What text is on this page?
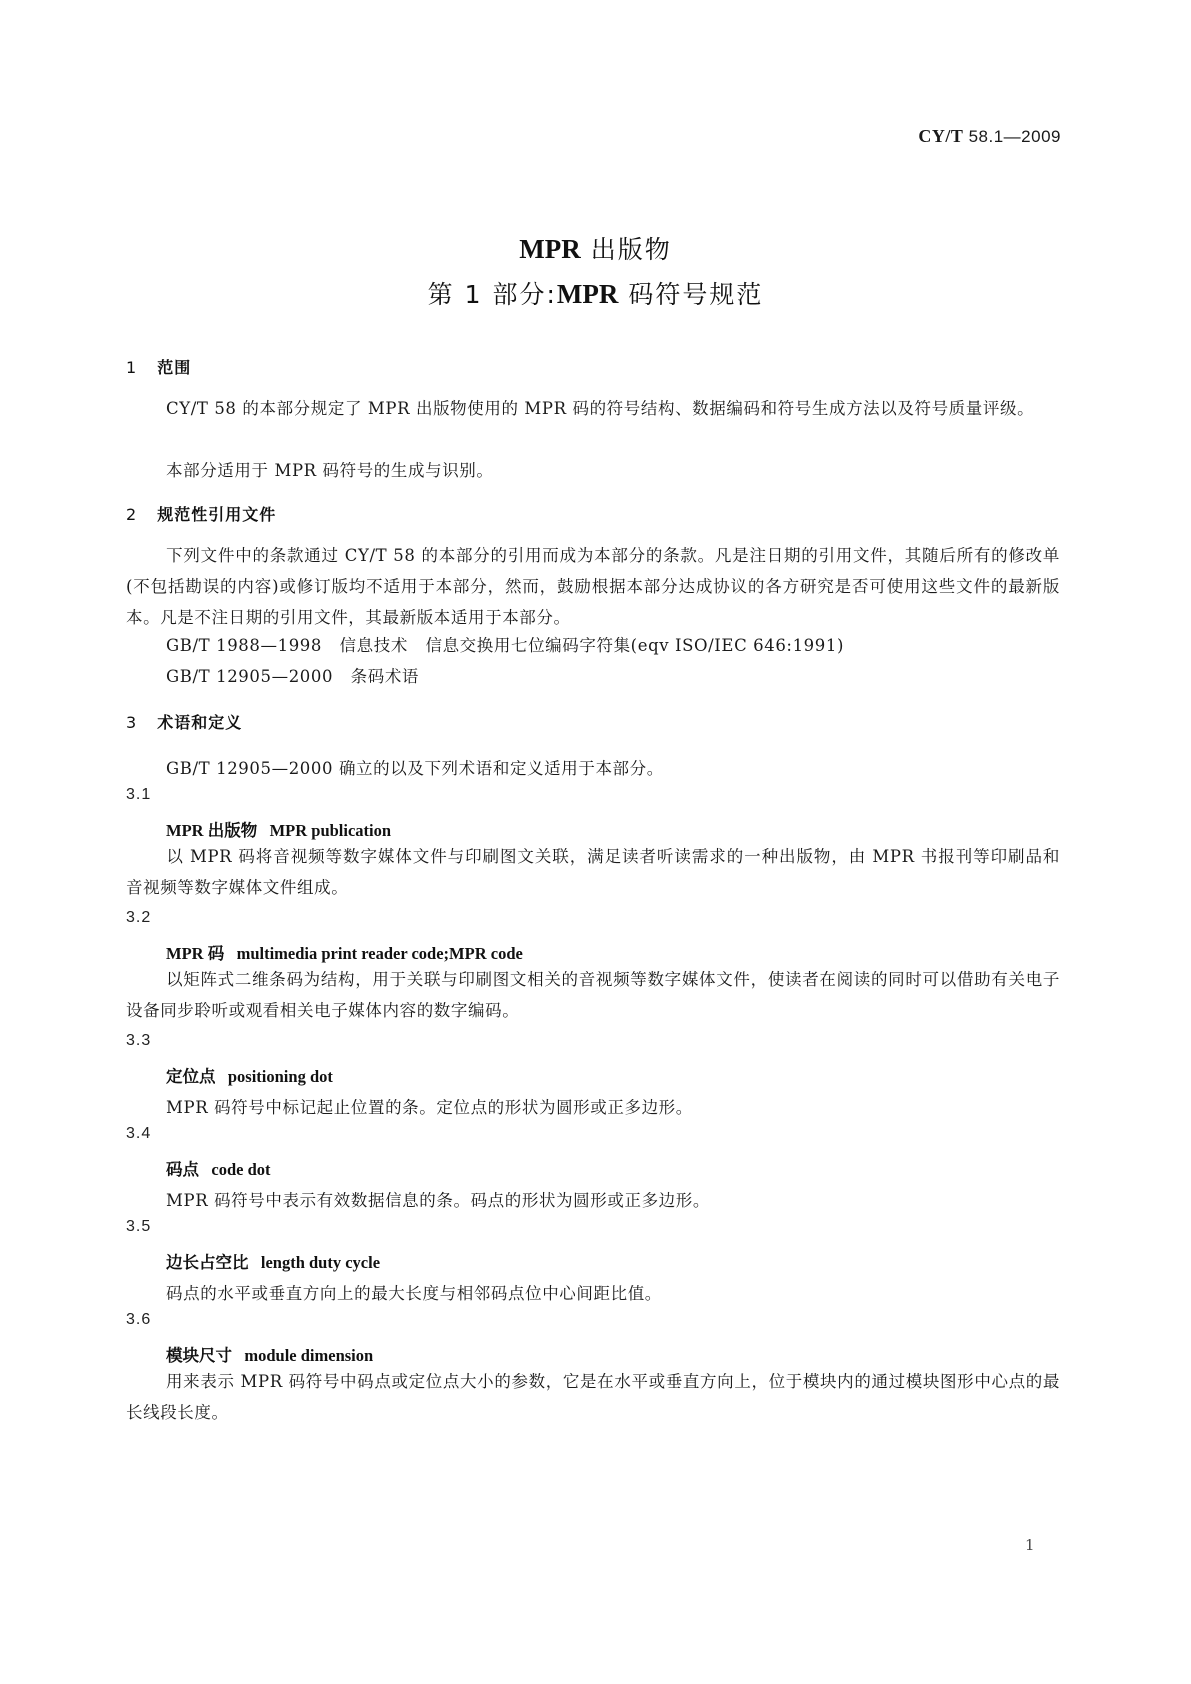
CY/T 58.1—2009
MPR 出版物
第 1 部分:MPR 码符号规范
1 范围
CY/T 58 的本部分规定了 MPR 出版物使用的 MPR 码的符号结构、数据编码和符号生成方法以及符号质量评级。
本部分适用于 MPR 码符号的生成与识别。
2 规范性引用文件
下列文件中的条款通过 CY/T 58 的本部分的引用而成为本部分的条款。凡是注日期的引用文件，其随后所有的修改单(不包括勘误的内容)或修订版均不适用于本部分，然而，鼓励根据本部分达成协议的各方研究是否可使用这些文件的最新版本。凡是不注日期的引用文件，其最新版本适用于本部分。
GB/T 1988—1998   信息技术   信息交换用七位编码字符集(eqv ISO/IEC 646:1991)
GB/T 12905—2000   条码术语
3 术语和定义
GB/T 12905—2000 确立的以及下列术语和定义适用于本部分。
3.1
MPR 出版物   MPR publication
以 MPR 码将音视频等数字媒体文件与印刷图文关联，满足读者听读需求的一种出版物，由 MPR 书报刊等印刷品和音视频等数字媒体文件组成。
3.2
MPR 码   multimedia print reader code;MPR code
以矩阵式二维条码为结构，用于关联与印刷图文相关的音视频等数字媒体文件，使读者在阅读的同时可以借助有关电子设备同步聆听或观看相关电子媒体内容的数字编码。
3.3
定位点   positioning dot
MPR 码符号中标记起止位置的条。定位点的形状为圆形或正多边形。
3.4
码点   code dot
MPR 码符号中表示有效数据信息的条。码点的形状为圆形或正多边形。
3.5
边长占空比   length duty cycle
码点的水平或垂直方向上的最大长度与相邻码点位中心间距比值。
3.6
模块尺寸   module dimension
用来表示 MPR 码符号中码点或定位点大小的参数，它是在水平或垂直方向上，位于模块内的通过模块图形中心点的最长线段长度。
1
